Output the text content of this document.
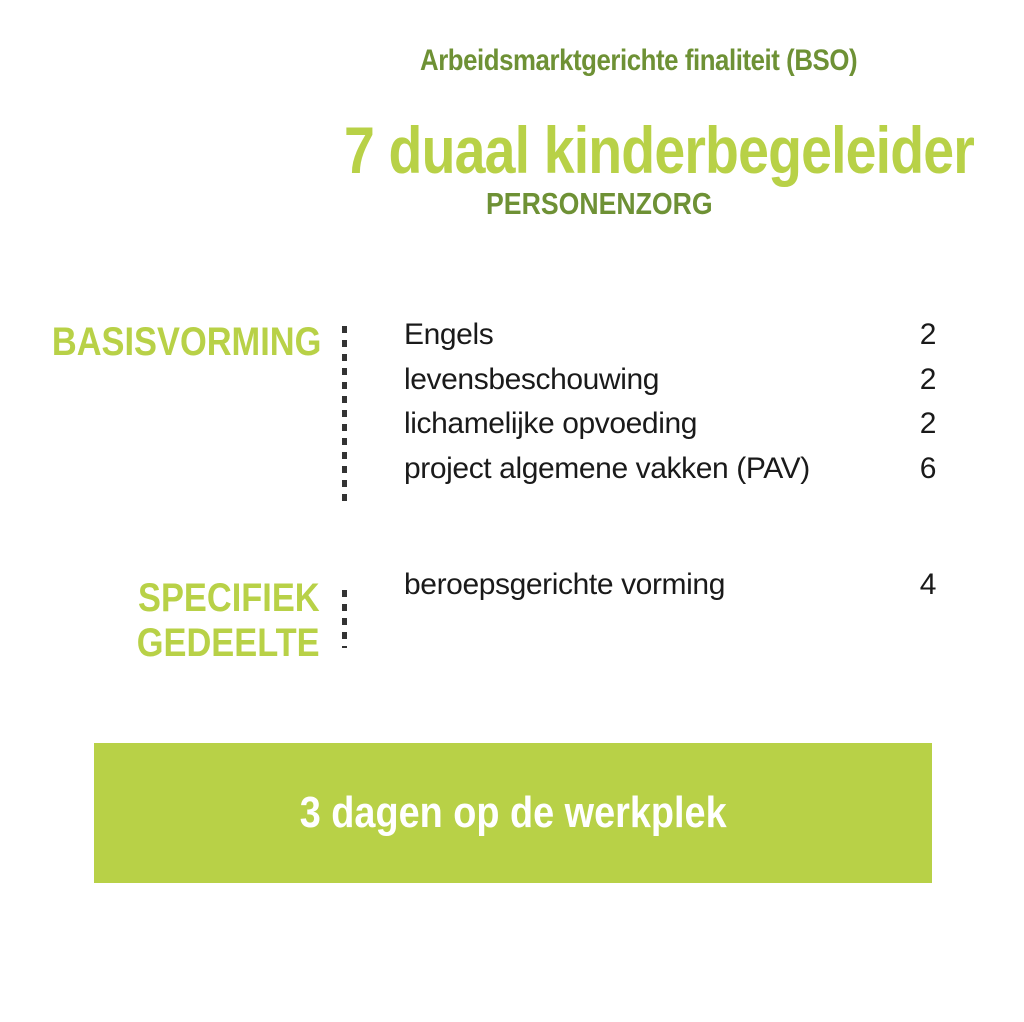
Arbeidsmarktgerichte finaliteit (BSO)
7 duaal kinderbegeleider
PERSONENZORG
BASISVORMING	Engels	2
levensbeschouwing	2
lichamelijke opvoeding	2
project algemene vakken (PAV)	6
SPECIFIEK
GEDEELTE
beroepsgerichte vorming	4
3 dagen op de werkplek
